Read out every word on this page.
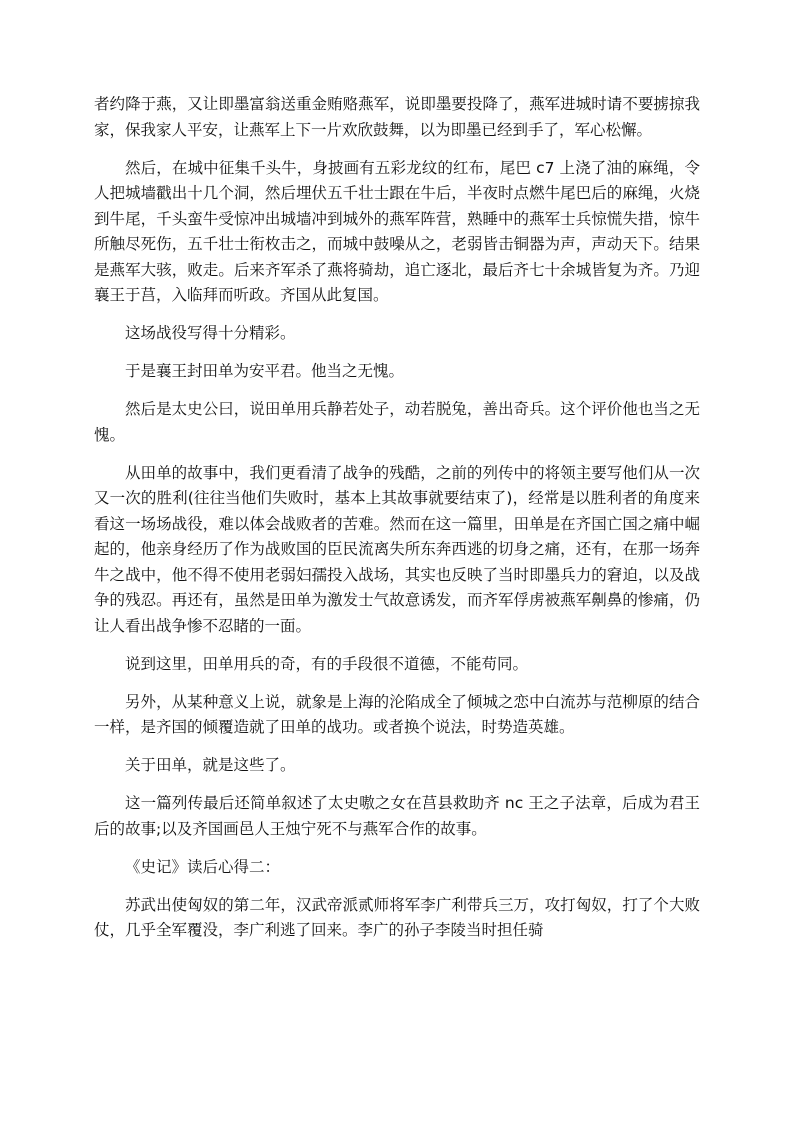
者约降于燕，又让即墨富翁送重金贿赂燕军，说即墨要投降了，燕军进城时请不要掳掠我家，保我家人平安，让燕军上下一片欢欣鼓舞，以为即墨已经到手了，军心松懈。

然后，在城中征集千头牛，身披画有五彩龙纹的红布，尾巴 c7 上浇了油的麻绳，令人把城墙戳出十几个洞，然后埋伏五千壮士跟在牛后，半夜时点燃牛尾巴后的麻绳，火烧到牛尾，千头蛮牛受惊冲出城墙冲到城外的燕军阵营，熟睡中的燕军士兵惊慌失措，惊牛所触尽死伤，五千壮士衔枚击之，而城中鼓噪从之，老弱皆击铜器为声，声动天下。结果是燕军大骇，败走。后来齐军杀了燕将骑劫，追亡逐北，最后齐七十余城皆复为齐。乃迎襄王于莒，入临拜而听政。齐国从此复国。

这场战役写得十分精彩。

于是襄王封田单为安平君。他当之无愧。

然后是太史公曰，说田单用兵静若处子，动若脱兔，善出奇兵。这个评价他也当之无愧。

从田单的故事中，我们更看清了战争的残酷，之前的列传中的将领主要写他们从一次又一次的胜利(往往当他们失败时，基本上其故事就要结束了)，经常是以胜利者的角度来看这一场场战役，难以体会战败者的苦难。然而在这一篇里，田单是在齐国亡国之痛中崛起的，他亲身经历了作为战败国的臣民流离失所东奔西逃的切身之痛，还有，在那一场奔牛之战中，他不得不使用老弱妇孺投入战场，其实也反映了当时即墨兵力的窘迫，以及战争的残忍。再还有，虽然是田单为激发士气故意诱发，而齐军俘虏被燕军劓鼻的惨痛，仍让人看出战争惨不忍睹的一面。

说到这里，田单用兵的奇，有的手段很不道德，不能苟同。

另外，从某种意义上说，就象是上海的沦陷成全了倾城之恋中白流苏与范柳原的结合一样，是齐国的倾覆造就了田单的战功。或者换个说法，时势造英雄。

关于田单，就是这些了。

这一篇列传最后还简单叙述了太史嗷之女在莒县救助齐 nc 王之子法章，后成为君王后的故事;以及齐国画邑人王烛宁死不与燕军合作的故事。

《史记》读后心得二：

苏武出使匈奴的第二年，汉武帝派贰师将军李广利带兵三万，攻打匈奴，打了个大败仗，几乎全军覆没，李广利逃了回来。李广的孙子李陵当时担任骑
